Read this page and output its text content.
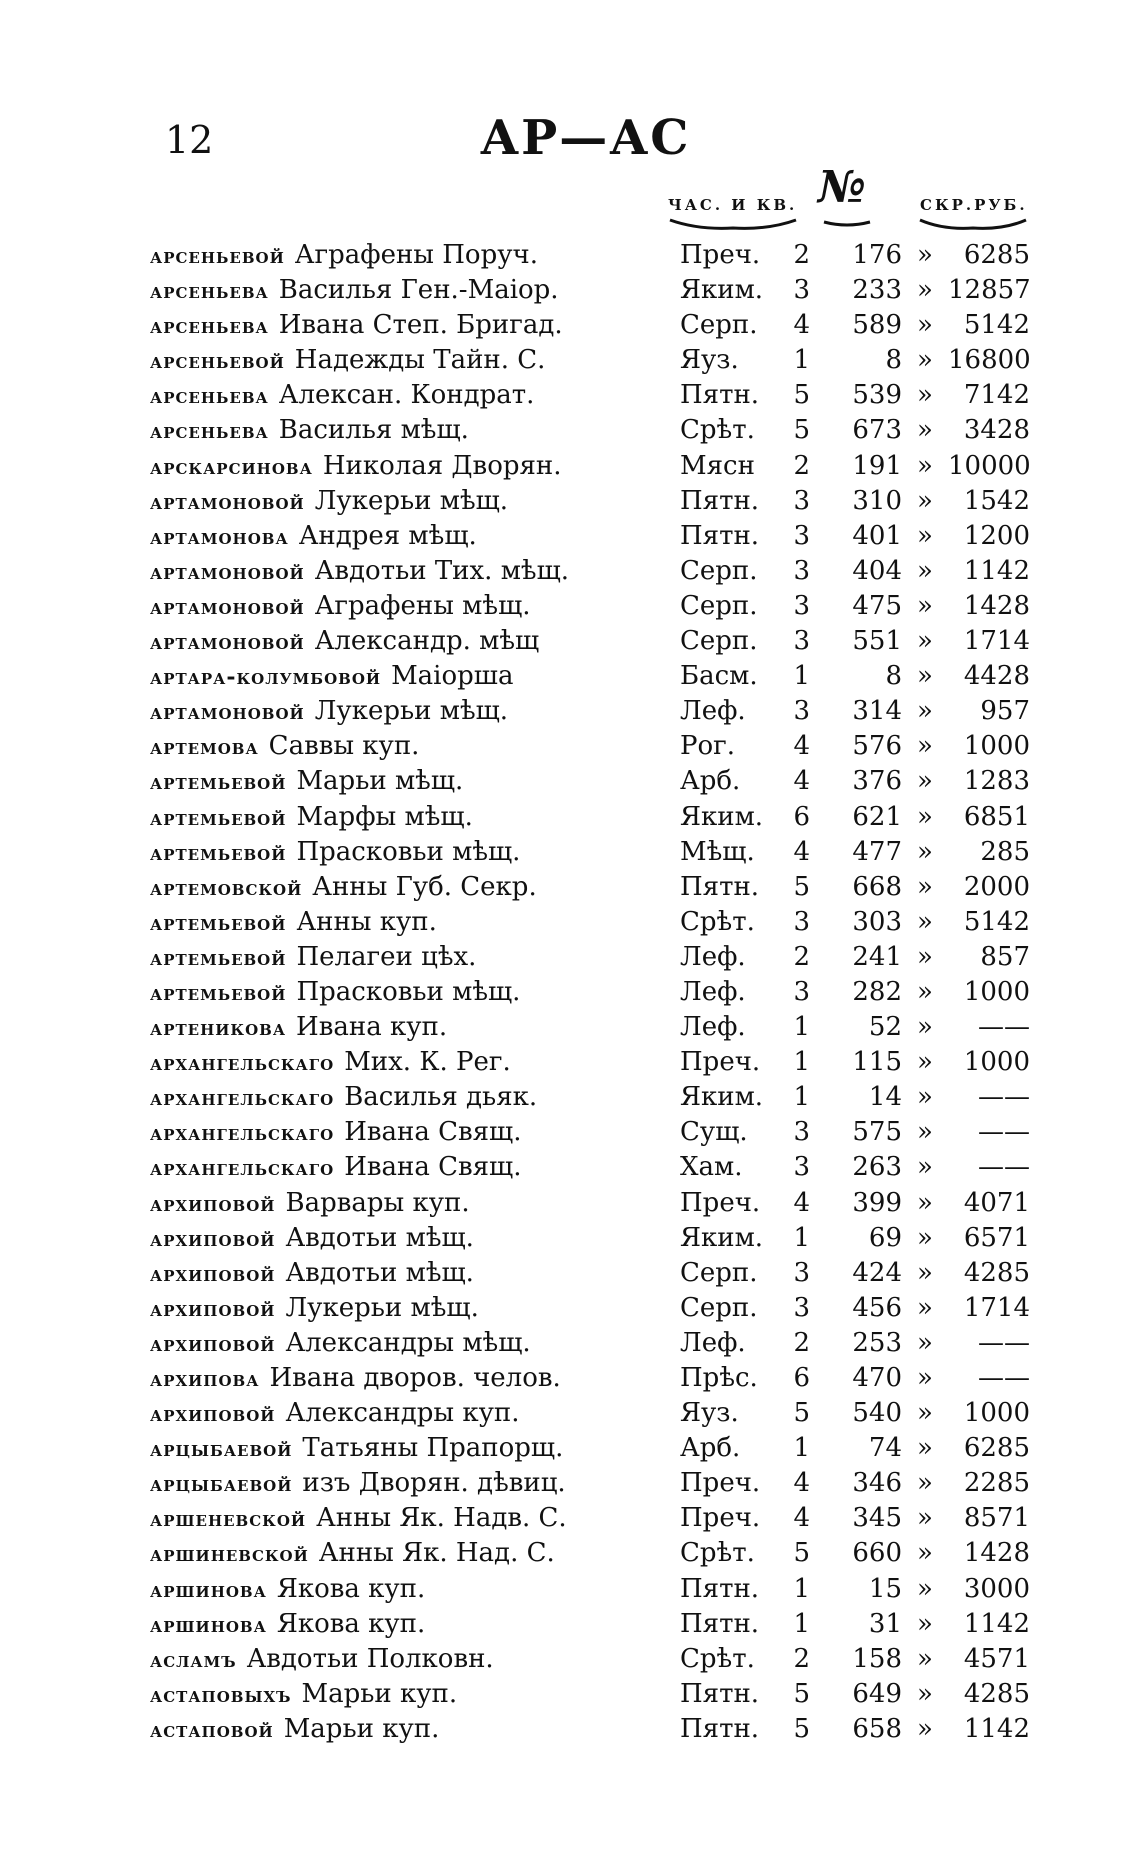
12	АР—АС
ЧАС. И КВ. №	СКР.РУБ.
арсеньевой Аграфены Поруч.	Преч.	2	176 »	6285
арсеньева Василья Ген.-Маіор.	Яким.	3	233 » 12857
арсеньева Ивана Степ. Бригад.	Серп.	4	589 »	5142
арсеньевой Надежды Тайн. С.	Яуз.	1	8 » 16800
арсеньева Алексан. Кондрат.	Пятн.	5	539 »	7142
арсеньева Василья мѣщ.	Срѣт.	5	673 »	3428
арскарсинова Николая Дворян.	Мясн	2	191 » 10000
артамоновой Лукерьи мѣщ.	Пятн.	3	310 »	1542
артамонова Андрея мѣщ.	Пятн.	3	401 »	1200
артамоновой Авдотьи Тих. мѣщ.	Серп.	3	404 »	1142
артамоновой Аграфены мѣщ.	Серп.	3	475 »	1428
артамоновой Александр. мѣщ	Серп.	3	551 »	1714
артара-колумбовой Маіорша	Басм.	1	8 »	4428
артамоновой Лукерьи мѣщ.	Леф.	3	314 »	957
артемова Саввы куп.	Рог.	4	576 »	1000
артемьевой Марьи мѣщ.	Арб.	4	376 »	1283
артемьевой Марфы мѣщ.	Яким.	6	621 »	6851
артемьевой Прасковьи мѣщ.	Мѣщ.	4	477 »	285
артемовской Анны Губ. Секр.	Пятн.	5	668 »	2000
артемьевой Анны куп.	Срѣт.	3	303 »	5142
артемьевой Пелагеи цѣх.	Леф.	2	241 »	857
артемьевой Прасковьи мѣщ.	Леф.	3	282 »	1000
артеникова Ивана куп.	Леф.	1	52 »	——
архангельскаго Мих. К. Рег.	Преч.	1	115 »	1000
архангельскаго Василья дьяк.	Яким.	1	14 »	——
архангельскаго Ивана Свящ.	Сущ.	3	575 »	——
архангельскаго Ивана Свящ.	Хам.	3	263 »	——
архиповой Варвары куп.	Преч.	4	399 »	4071
архиповой Авдотьи мѣщ.	Яким.	1	69 »	6571
архиповой Авдотьи мѣщ.	Серп.	3	424 »	4285
архиповой Лукерьи мѣщ.	Серп.	3	456 »	1714
архиповой Александры мѣщ.	Леф.	2	253 »	——
архипова Ивана дворов. челов.	Прѣс.	6	470 »	——
архиповой Александры куп.	Яуз.	5	540 »	1000
арцыбаевой Татьяны Прапорщ.	Арб.	1	74 »	6285
арцыбаевой изъ Дворян. дѣвиц.	Преч.	4	346 »	2285
аршеневской Анны Як. Надв. С.	Преч.	4	345 »	8571
аршиневской Анны Як. Над. С.	Срѣт.	5	660 »	1428
аршинова Якова куп.	Пятн.	1	15 »	3000
аршинова Якова куп.	Пятн.	1	31 »	1142
асламъ Авдотьи Полковн.	Срѣт.	2	158 »	4571
астаповыхъ Марьи куп.	Пятн.	5	649 »	4285
астаповой Марьи куп.	Пятн.	5	658 »	1142
